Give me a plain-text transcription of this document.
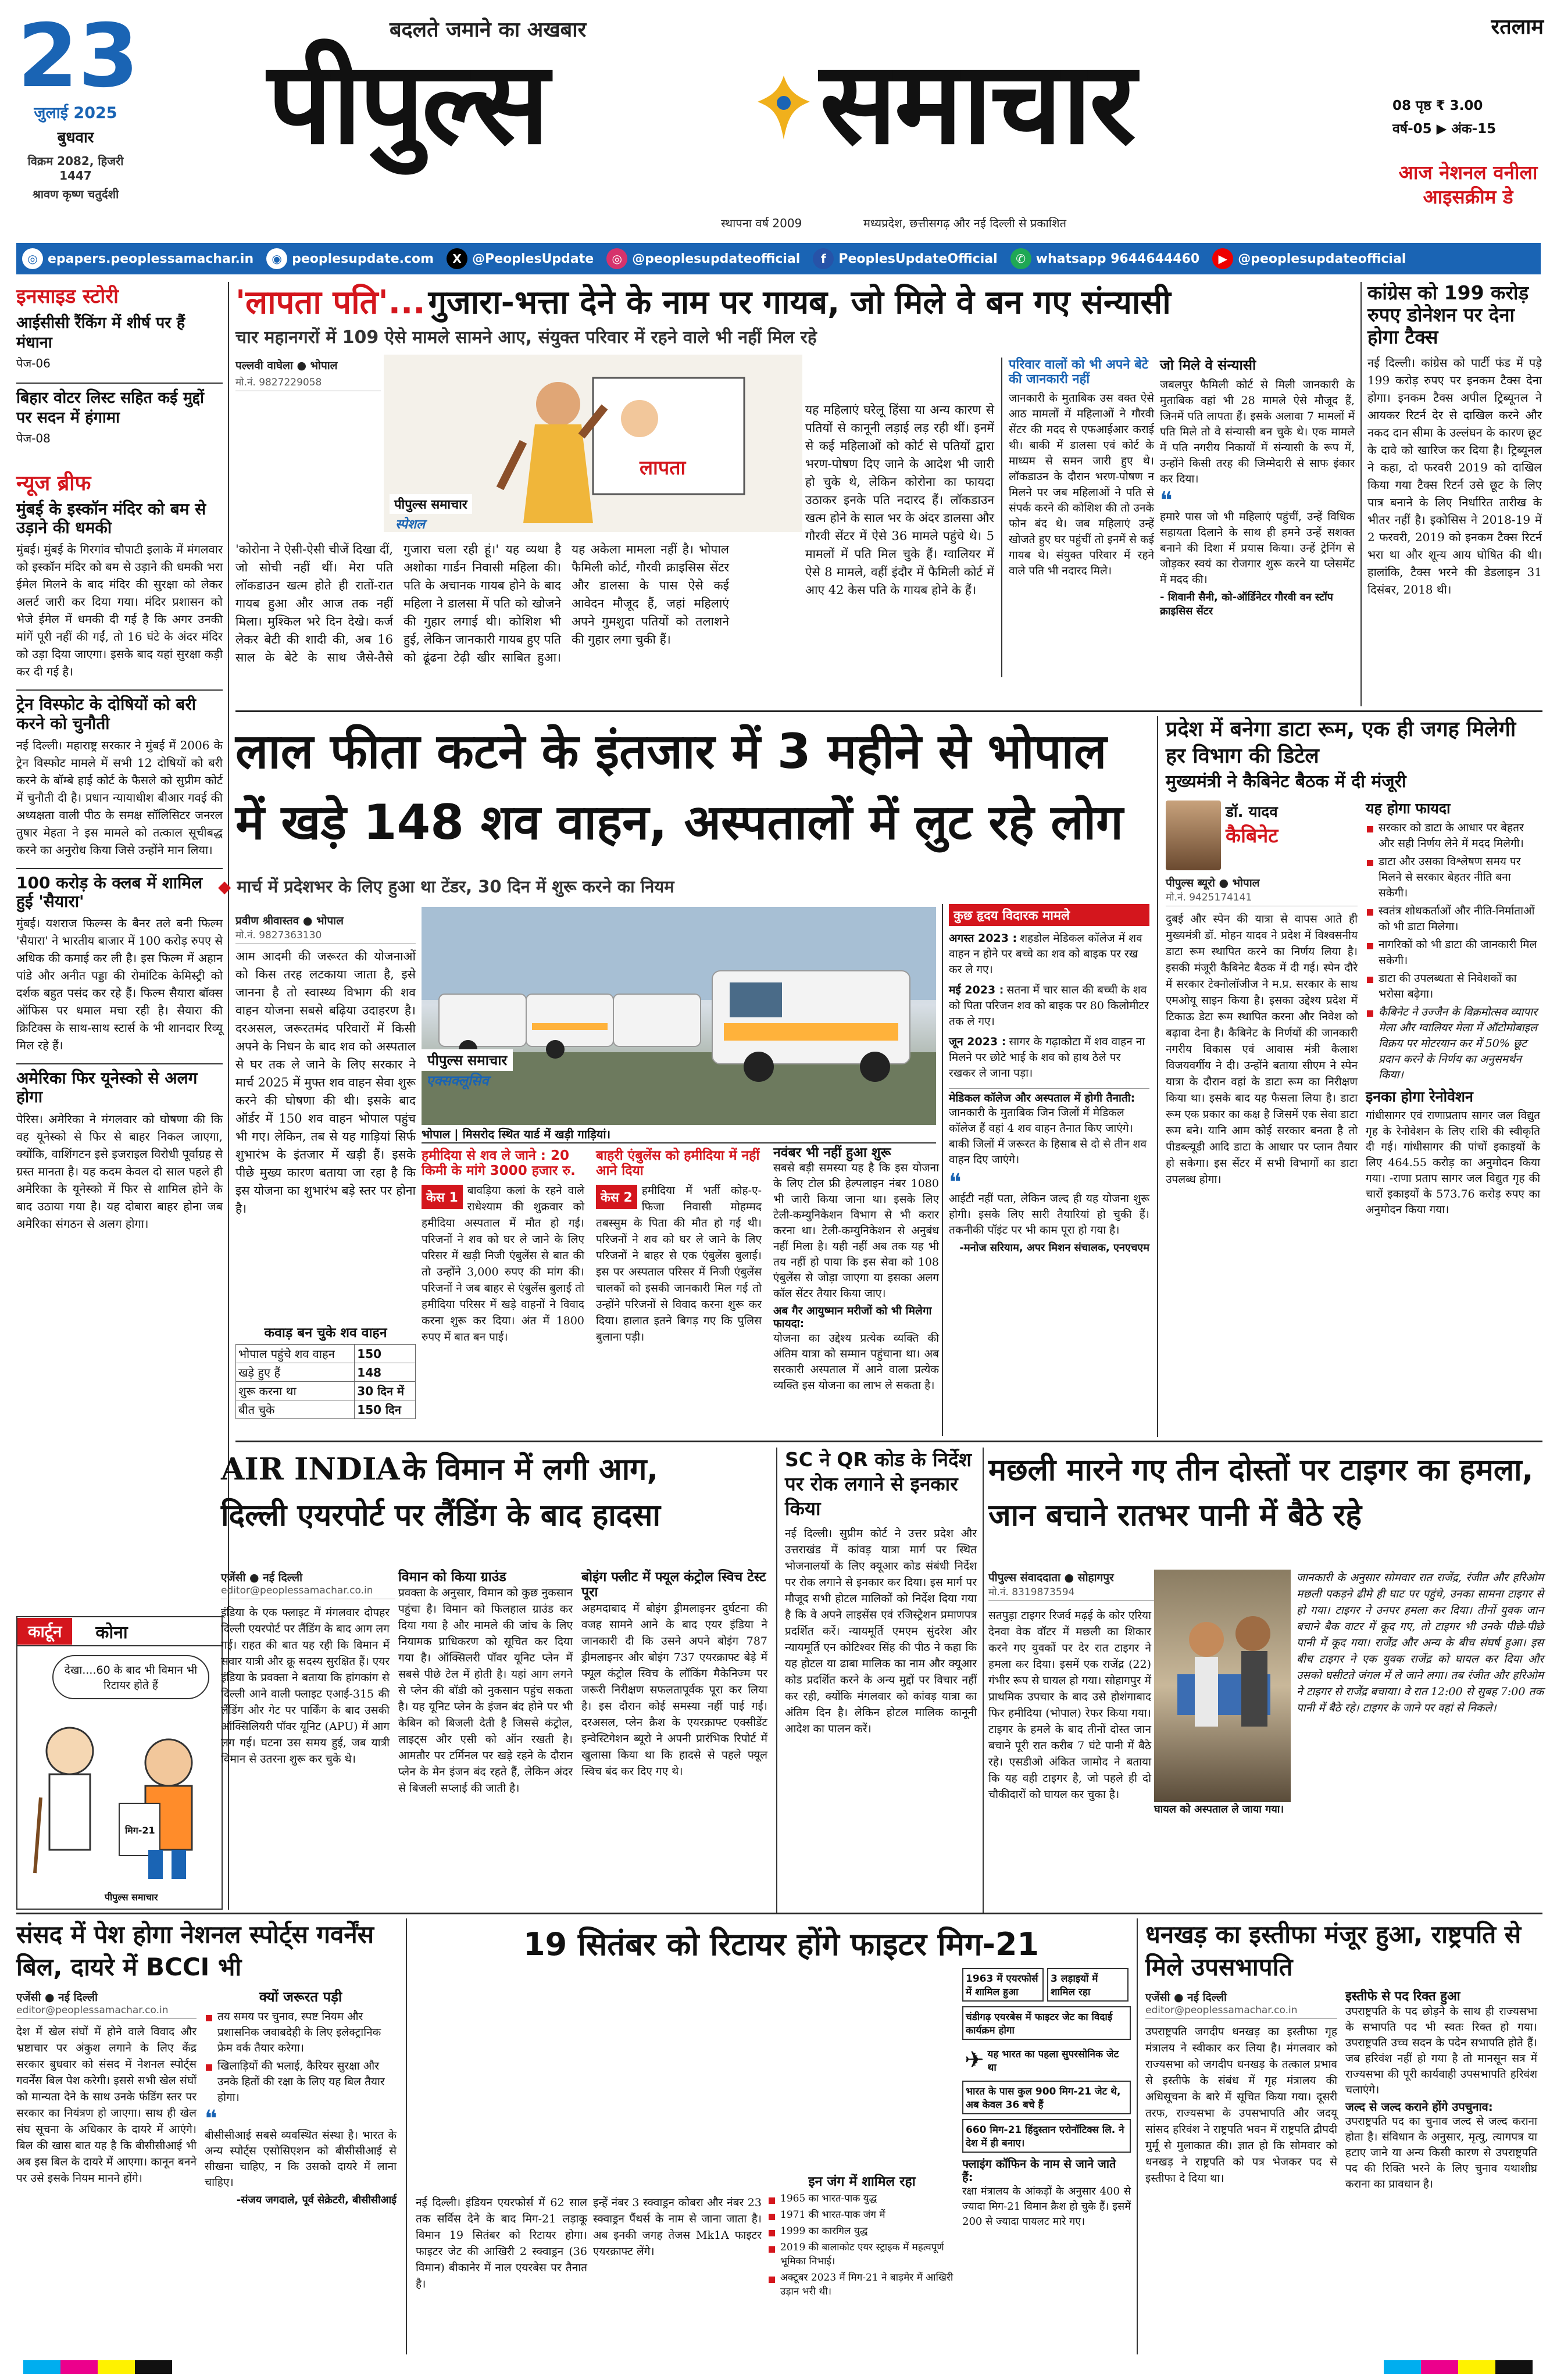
23
जुलाई 2025
बुधवार
विक्रम 2082, हिजरी 1447
श्रावण कृष्ण चतुर्दशी
बदलते जमाने का अखबार
पीपुल्स समाचार
स्थापना वर्ष 2009	मध्यप्रदेश, छत्तीसगढ़ और नई दिल्ली से प्रकाशित
रतलाम
08 पृष्ठ ₹ 3.00
वर्ष-05 ▶ अंक-15
आज नेशनल वनीला आइसक्रीम डे
◎ epapers.peoplessamachar.in	◉ peoplesupdate.com	X @PeoplesUpdate	◎ @peoplesupdateofficial	f PeoplesUpdateOfficial	✆ whatsapp 9644644460	▶ @peoplesupdateofficial
इनसाइड स्टोरी
आईसीसी रैंकिंग में शीर्ष पर हैं मंधाना
पेज-06
बिहार वोटर लिस्ट सहित कई मुद्दों पर सदन में हंगामा
पेज-08
न्यूज ब्रीफ
मुंबई के इस्कॉन मंदिर को बम से उड़ाने की धमकी
मुंबई। मुंबई के गिरगांव चौपाटी इलाके में मंगलवार को इस्कॉन मंदिर को बम से उड़ाने की धमकी भरा ईमेल मिलने के बाद मंदिर की सुरक्षा को लेकर अलर्ट जारी कर दिया गया। मंदिर प्रशासन को भेजे ईमेल में धमकी दी गई है कि अगर उनकी मांगें पूरी नहीं की गईं, तो 16 घंटे के अंदर मंदिर को उड़ा दिया जाएगा। इसके बाद यहां सुरक्षा कड़ी कर दी गई है।
ट्रेन विस्फोट के दोषियों को बरी करने को चुनौती
नई दिल्ली। महाराष्ट्र सरकार ने मुंबई में 2006 के ट्रेन विस्फोट मामले में सभी 12 दोषियों को बरी करने के बॉम्बे हाई कोर्ट के फैसले को सुप्रीम कोर्ट में चुनौती दी है। प्रधान न्यायाधीश बीआर गवई की अध्यक्षता वाली पीठ के समक्ष सॉलिसिटर जनरल तुषार मेहता ने इस मामले को तत्काल सूचीबद्ध करने का अनुरोध किया जिसे उन्होंने मान लिया।
100 करोड़ के क्लब में शामिल हुई 'सैयारा'
मुंबई। यशराज फिल्म्स के बैनर तले बनी फिल्म 'सैयारा' ने भारतीय बाजार में 100 करोड़ रुपए से अधिक की कमाई कर ली है। इस फिल्म में अहान पांडे और अनीत पड्डा की रोमांटिक केमिस्ट्री को दर्शक बहुत पसंद कर रहे हैं। फिल्म सैयारा बॉक्स ऑफिस पर धमाल मचा रही है। सैयारा की क्रिटिक्स के साथ-साथ स्टार्स के भी शानदार रिव्यू मिल रहे हैं।
अमेरिका फिर यूनेस्को से अलग होगा
पेरिस। अमेरिका ने मंगलवार को घोषणा की कि वह यूनेस्को से फिर से बाहर निकल जाएगा, क्योंकि, वाशिंगटन इसे इजराइल विरोधी पूर्वाग्रह से ग्रस्त मानता है। यह कदम केवल दो साल पहले ही अमेरिका के यूनेस्को में फिर से शामिल होने के बाद उठाया गया है। यह दोबारा बाहर होना जब अमेरिका संगठन से अलग होगा।
कार्टून	कोना
देखा....60 के बाद भी विमान भी रिटायर होते हैं
मिग-21
पीपुल्स समाचार
'लापता पति'... गुजारा-भत्ता देने के नाम पर गायब, जो मिले वे बन गए संन्यासी
चार महानगरों में 109 ऐसे मामले सामने आए, संयुक्त परिवार में रहने वाले भी नहीं मिल रहे
पल्लवी वाघेला ● भोपाल
मो.नं. 9827229058
लापता
पीपुल्स समाचार
स्पेशल
'कोरोना ने ऐसी-ऐसी चीजें दिखा दीं, जो सोची नहीं थीं। मेरा पति लॉकडाउन खत्म होते ही रातों-रात गायब हुआ और आज तक नहीं मिला। मुश्किल भरे दिन देखे। कर्ज लेकर बेटी की शादी की, अब 16 साल के बेटे के साथ जैसे-तैसे गुजारा चला रही हूं।' यह व्यथा है अशोका गार्डन निवासी महिला की। पति के अचानक गायब होने के बाद महिला ने डालसा में पति को खोजने की गुहार लगाई थी। कोशिश भी हुई, लेकिन जानकारी गायब हुए पति को ढूंढना टेढ़ी खीर साबित हुआ। यह अकेला मामला नहीं है। भोपाल फैमिली कोर्ट, गौरवी क्राइसिस सेंटर और डालसा के पास ऐसे कई आवेदन मौजूद हैं, जहां महिलाएं अपने गुमशुदा पतियों को तलाशने की गुहार लगा चुकी हैं।
यह महिलाएं घरेलू हिंसा या अन्य कारण से पतियों से कानूनी लड़ाई लड़ रही थीं। इनमें से कई महिलाओं को कोर्ट से पतियों द्वारा भरण-पोषण दिए जाने के आदेश भी जारी हो चुके थे, लेकिन कोरोना का फायदा उठाकर इनके पति नदारद हैं। लॉकडाउन खत्म होने के साल भर के अंदर डालसा और गौरवी सेंटर में ऐसे 36 मामले पहुंचे थे। 5 मामलों में पति मिल चुके हैं। ग्वालियर में ऐसे 8 मामले, वहीं इंदौर में फैमिली कोर्ट में आए 42 केस पति के गायब होने के हैं।
परिवार वालों को भी अपने बेटे की जानकारी नहीं
जानकारी के मुताबिक उस वक्त ऐसे आठ मामलों में महिलाओं ने गौरवी सेंटर की मदद से एफआईआर कराई थी। बाकी में डालसा एवं कोर्ट के माध्यम से समन जारी हुए थे। लॉकडाउन के दौरान भरण-पोषण न मिलने पर जब महिलाओं ने पति से संपर्क करने की कोशिश की तो उनके फोन बंद थे। जब महिलाएं उन्हें खोजते हुए घर पहुंचीं तो इनमें से कई गायब थे। संयुक्त परिवार में रहने वाले पति भी नदारद मिले।
जो मिले वे संन्यासी
जबलपुर फैमिली कोर्ट से मिली जानकारी के मुताबिक वहां भी 28 मामले ऐसे मौजूद हैं, जिनमें पति लापता हैं। इसके अलावा 7 मामलों में पति मिले तो वे संन्यासी बन चुके थे। एक मामले में पति नगरीय निकायों में संन्यासी के रूप में, उन्होंने किसी तरह की जिम्मेदारी से साफ इंकार कर दिया।
❝
हमारे पास जो भी महिलाएं पहुंचीं, उन्हें विधिक सहायता दिलाने के साथ ही हमने उन्हें सशक्त बनाने की दिशा में प्रयास किया। उन्हें ट्रेनिंग से जोड़कर स्वयं का रोजगार शुरू करने या प्लेसमेंट में मदद की।
- शिवानी सैनी, को-ऑर्डिनेटर गौरवी वन स्टॉप क्राइसिस सेंटर
कांग्रेस को 199 करोड़ रुपए डोनेशन पर देना होगा टैक्स
नई दिल्ली। कांग्रेस को पार्टी फंड में पड़े 199 करोड़ रुपए पर इनकम टैक्स देना होगा। इनकम टैक्स अपील ट्रिब्यूनल ने आयकर रिटर्न देर से दाखिल करने और नकद दान सीमा के उल्लंघन के कारण छूट के दावे को खारिज कर दिया है। ट्रिब्यूनल ने कहा, दो फरवरी 2019 को दाखिल किया गया टैक्स रिटर्न उसे छूट के लिए पात्र बनाने के लिए निर्धारित तारीख के भीतर नहीं है। इकोसिस ने 2018-19 में 2 फरवरी, 2019 को इनकम टैक्स रिटर्न भरा था और शून्य आय घोषित की थी। हालांकि, टैक्स भरने की डेडलाइन 31 दिसंबर, 2018 थी।
लाल फीता कटने के इंतजार में 3 महीने से भोपाल
में खड़े 148 शव वाहन, अस्पतालों में लुट रहे लोग
◆ मार्च में प्रदेशभर के लिए हुआ था टेंडर, 30 दिन में शुरू करने का नियम
प्रवीण श्रीवास्तव ● भोपाल
मो.नं. 9827363130
आम आदमी की जरूरत की योजनाओं को किस तरह लटकाया जाता है, इसे जानना है तो स्वास्थ्य विभाग की शव वाहन योजना सबसे बढ़िया उदाहरण है। दरअसल, जरूरतमंद परिवारों में किसी अपने के निधन के बाद शव को अस्पताल से घर तक ले जाने के लिए सरकार ने मार्च 2025 में मुफ्त शव वाहन सेवा शुरू करने की घोषणा की थी। इसके बाद ऑर्डर में 150 शव वाहन भोपाल पहुंच भी गए। लेकिन, तब से यह गाड़ियां सिर्फ शुभारंभ के इंतजार में खड़ी हैं। इसके पीछे मुख्य कारण बताया जा रहा है कि इस योजना का शुभारंभ बड़े स्तर पर होना है।
पीपुल्स समाचार
एक्सक्लूसिव
भोपाल | मिसरोद स्थित यार्ड में खड़ी गाड़ियां।
कवाड़ बन चुके शव वाहन
भोपाल पहुंचे शव वाहन	150
खड़े हुए हैं	148
शुरू करना था	30 दिन में
बीत चुके	150 दिन
हमीदिया से शव ले जाने : 20 किमी के मांगे 3000 हजार रु.
केस 1 बावड़िया कलां के रहने वाले राधेश्याम की शुक्रवार को हमीदिया अस्पताल में मौत हो गई। परिजनों ने शव को घर ले जाने के लिए परिसर में खड़ी निजी एंबुलेंस से बात की तो उन्होंने 3,000 रुपए की मांग की। परिजनों ने जब बाहर से एंबुलेंस बुलाई तो हमीदिया परिसर में खड़े वाहनों ने विवाद करना शुरू कर दिया। अंत में 1800 रुपए में बात बन पाई।
बाहरी एंबुलेंस को हमीदिया में नहीं आने दिया
केस 2 हमीदिया में भर्ती कोह-ए-फिजा निवासी मोहम्मद तबस्सुम के पिता की मौत हो गई थी। परिजनों ने शव को घर ले जाने के लिए परिजनों ने बाहर से एक एंबुलेंस बुलाई। इस पर अस्पताल परिसर में निजी एंबुलेंस चालकों को इसकी जानकारी मिल गई तो उन्होंने परिजनों से विवाद करना शुरू कर दिया। हालात इतने बिगड़ गए कि पुलिस बुलाना पड़ी।
नवंबर भी नहीं हुआ शुरू
सबसे बड़ी समस्या यह है कि इस योजना के लिए टोल फ्री हेल्पलाइन नंबर 1080 भी जारी किया जाना था। इसके लिए टेली-कम्युनिकेशन विभाग से भी करार करना था। टेली-कम्युनिकेशन से अनुबंध नहीं मिला है। यही नहीं अब तक यह भी तय नहीं हो पाया कि इस सेवा को 108 एंबुलेंस से जोड़ा जाएगा या इसका अलग कॉल सेंटर तैयार किया जाए।
अब गैर आयुष्मान मरीजों को भी मिलेगा फायदा:
योजना का उद्देश्य प्रत्येक व्यक्ति की अंतिम यात्रा को सम्मान पहुंचाना था। अब सरकारी अस्पताल में आने वाला प्रत्येक व्यक्ति इस योजना का लाभ ले सकता है।
कुछ हृदय विदारक मामले
अगस्त 2023 : शहडोल मेडिकल कॉलेज में शव वाहन न होने पर बच्चे का शव को बाइक पर रख कर ले गए।
मई 2023 : सतना में चार साल की बच्ची के शव को पिता परिजन शव को बाइक पर 80 किलोमीटर तक ले गए।
जून 2023 : सागर के गढ़ाकोटा में शव वाहन ना मिलने पर छोटे भाई के शव को हाथ ठेले पर रखकर ले जाना पड़ा।
मेडिकल कॉलेज और अस्पताल में होगी तैनाती: जानकारी के मुताबिक जिन जिलों में मेडिकल कॉलेज हैं वहां 4 शव वाहन तैनात किए जाएंगे। बाकी जिलों में जरूरत के हिसाब से दो से तीन शव वाहन दिए जाएंगे।
❝
आईटी नहीं पता, लेकिन जल्द ही यह योजना शुरू होगी। इसके लिए सारी तैयारियां हो चुकी हैं। तकनीकी पॉइंट पर भी काम पूरा हो गया है।
-मनोज सरियाम, अपर मिशन संचालक, एनएचएम
प्रदेश में बनेगा डाटा रूम, एक ही जगह मिलेगी हर विभाग की डिटेल
मुख्यमंत्री ने कैबिनेट बैठक में दी मंजूरी
डॉ. यादव
कैबिनेट
पीपुल्स ब्यूरो ● भोपाल
मो.नं. 9425174141
दुबई और स्पेन की यात्रा से वापस आते ही मुख्यमंत्री डॉ. मोहन यादव ने प्रदेश में विश्वसनीय डाटा रूम स्थापित करने का निर्णय लिया है। इसकी मंजूरी कैबिनेट बैठक में दी गई। स्पेन दौरे में सरकार टेक्नोलॉजीज ने म.प्र. सरकार के साथ एमओयू साइन किया है। इसका उद्देश्य प्रदेश में टिकाऊ डेटा रूम स्थापित करना और निवेश को बढ़ावा देना है। कैबिनेट के निर्णयों की जानकारी नगरीय विकास एवं आवास मंत्री कैलाश विजयवर्गीय ने दी। उन्होंने बताया सीएम ने स्पेन यात्रा के दौरान वहां के डाटा रूम का निरीक्षण किया था। इसके बाद यह फैसला लिया है। डाटा रूम एक प्रकार का कक्ष है जिसमें एक सेवा डाटा रूम बने। यानि आम कोई सरकार बनता है तो पीडब्ल्यूडी आदि डाटा के आधार पर प्लान तैयार हो सकेगा। इस सेंटर में सभी विभागों का डाटा उपलब्ध होगा।
यह होगा फायदा
सरकार को डाटा के आधार पर बेहतर और सही निर्णय लेने में मदद मिलेगी।
डाटा और उसका विश्लेषण समय पर मिलने से सरकार बेहतर नीति बना सकेगी।
स्वतंत्र शोधकर्ताओं और नीति-निर्माताओं को भी डाटा मिलेगा।
नागरिकों को भी डाटा की जानकारी मिल सकेगी।
डाटा की उपलब्धता से निवेशकों का भरोसा बढ़ेगा।
कैबिनेट ने उज्जैन के विक्रमोत्सव व्यापार मेला और ग्वालियर मेला में ऑटोमोबाइल विक्रय पर मोटरयान कर में 50% छूट प्रदान करने के निर्णय का अनुसमर्थन किया।
इनका होगा रेनोवेशन
गांधीसागर एवं राणाप्रताप सागर जल विद्युत गृह के रेनोवेशन के लिए राशि की स्वीकृति दी गई। गांधीसागर की पांचों इकाइयों के लिए 464.55 करोड़ का अनुमोदन किया गया। -राणा प्रताप सागर जल विद्युत गृह की चारों इकाइयों के 573.76 करोड़ रुपए का अनुमोदन किया गया।
AIR INDIA के विमान में लगी आग,
दिल्ली एयरपोर्ट पर लैंडिंग के बाद हादसा
एजेंसी ● नई दिल्ली
editor@peoplessamachar.co.in
इंडिया के एक फ्लाइट में मंगलवार दोपहर दिल्ली एयरपोर्ट पर लैंडिंग के बाद आग लग गई। राहत की बात यह रही कि विमान में सवार यात्री और क्रू सदस्य सुरक्षित हैं। एयर इंडिया के प्रवक्ता ने बताया कि हांगकांग से दिल्ली आने वाली फ्लाइट एआई-315 की लैंडिंग और गेट पर पार्किंग के बाद उसकी ऑक्सिलियरी पॉवर यूनिट (APU) में आग लग गई। घटना उस समय हुई, जब यात्री विमान से उतरना शुरू कर चुके थे।
विमान को किया ग्राउंड
प्रवक्ता के अनुसार, विमान को कुछ नुकसान पहुंचा है। विमान को फिलहाल ग्राउंड कर दिया गया है और मामले की जांच के लिए नियामक प्राधिकरण को सूचित कर दिया गया है। ऑक्सिलरी पॉवर यूनिट प्लेन में सबसे पीछे टेल में होती है। यहां आग लगने से प्लेन की बॉडी को नुकसान पहुंच सकता है। यह यूनिट प्लेन के इंजन बंद होने पर भी केबिन को बिजली देती है जिससे कंट्रोल, लाइट्स और एसी को ऑन रखती है। आमतौर पर टर्मिनल पर खड़े रहने के दौरान प्लेन के मेन इंजन बंद रहते हैं, लेकिन अंदर से बिजली सप्लाई की जाती है।
बोइंग फ्लीट में फ्यूल कंट्रोल स्विच टेस्ट पूरा
अहमदाबाद में बोइंग ड्रीमलाइनर दुर्घटना की वजह सामने आने के बाद एयर इंडिया ने जानकारी दी कि उसने अपने बोइंग 787 ड्रीमलाइनर और बोइंग 737 एयरक्राफ्ट बेड़े में फ्यूल कंट्रोल स्विच के लॉकिंग मैकेनिज्म पर जरूरी निरीक्षण सफलतापूर्वक पूरा कर लिया है। इस दौरान कोई समस्या नहीं पाई गई। दरअसल, प्लेन क्रैश के एयरक्राफ्ट एक्सीडेंट इन्वेस्टिगेशन ब्यूरो ने अपनी प्रारंभिक रिपोर्ट में खुलासा किया था कि हादसे से पहले फ्यूल स्विच बंद कर दिए गए थे।
SC ने QR कोड के निर्देश पर रोक लगाने से इनकार किया
नई दिल्ली। सुप्रीम कोर्ट ने उत्तर प्रदेश और उत्तराखंड में कांवड़ यात्रा मार्ग पर स्थित भोजनालयों के लिए क्यूआर कोड संबंधी निर्देश पर रोक लगाने से इनकार कर दिया। इस मार्ग पर मौजूद सभी होटल मालिकों को निर्देश दिया गया है कि वे अपने लाइसेंस एवं रजिस्ट्रेशन प्रमाणपत्र प्रदर्शित करें। न्यायमूर्ति एमएम सुंदरेश और न्यायमूर्ति एन कोटिश्वर सिंह की पीठ ने कहा कि यह होटल या ढाबा मालिक का नाम और क्यूआर कोड प्रदर्शित करने के अन्य मुद्दों पर विचार नहीं कर रही, क्योंकि मंगलवार को कांवड़ यात्रा का अंतिम दिन है। लेकिन होटल मालिक कानूनी आदेश का पालन करें।
मछली मारने गए तीन दोस्तों पर टाइगर का हमला, जान बचाने रातभर पानी में बैठे रहे
पीपुल्स संवाददाता ● सोहागपुर
मो.नं. 8319873594
सतपुड़ा टाइगर रिजर्व मढ़ई के कोर एरिया देनवा वेक वॉटर में मछली का शिकार करने गए युवकों पर देर रात टाइगर ने हमला कर दिया। इसमें एक राजेंद्र (22) गंभीर रूप से घायल हो गया। सोहागपुर में प्राथमिक उपचार के बाद उसे होशंगाबाद फिर हमीदिया (भोपाल) रेफर किया गया। टाइगर के हमले के बाद तीनों दोस्त जान बचाने पूरी रात करीब 7 घंटे पानी में बैठे रहे। एसडीओ अंकित जामोद ने बताया कि यह वही टाइगर है, जो पहले ही दो चौकीदारों को घायल कर चुका है।
घायल को अस्पताल ले जाया गया।
जानकारी के अनुसार सोमवार रात राजेंद्र, रंजीत और हरिओम मछली पकड़ने ढीमे ही घाट पर पहुंचे, उनका सामना टाइगर से हो गया। टाइगर ने उनपर हमला कर दिया। तीनों युवक जान बचाने बैक वाटर में कूद गए, तो टाइगर भी उनके पीछे-पीछे पानी में कूद गया। राजेंद्र और अन्य के बीच संघर्ष हुआ। इस बीच टाइगर ने एक युवक राजेंद्र को घायल कर दिया और उसको घसीटते जंगल में ले जाने लगा। तब रंजीत और हरिओम ने टाइगर से राजेंद्र बचाया। वे रात 12:00 से सुबह 7:00 तक पानी में बैठे रहे। टाइगर के जाने पर वहां से निकले।
संसद में पेश होगा नेशनल स्पोर्ट्स गवर्नेंस बिल, दायरे में BCCI भी
एजेंसी ● नई दिल्ली
editor@peoplessamachar.co.in
देश में खेल संघों में होने वाले विवाद और भ्रष्टाचार पर अंकुश लगाने के लिए केंद्र सरकार बुधवार को संसद में नेशनल स्पोर्ट्स गवर्नेंस बिल पेश करेगी। इससे सभी खेल संघों को मान्यता देने के साथ उनके फंडिंग स्तर पर सरकार का नियंत्रण हो जाएगा। साथ ही खेल संघ सूचना के अधिकार के दायरे में आएंगे। बिल की खास बात यह है कि बीसीसीआई भी अब इस बिल के दायरे में आएगा। कानून बनने पर उसे इसके नियम मानने होंगे।
क्यों जरूरत पड़ी
तय समय पर चुनाव, स्पष्ट नियम और प्रशासनिक जवाबदेही के लिए इलेक्ट्रानिक फ्रेम वर्क तैयार करेगा।
खिलाड़ियों की भलाई, कैरियर सुरक्षा और उनके हितों की रक्षा के लिए यह बिल तैयार होगा।
❝
बीसीसीआई सबसे व्यवस्थित संस्था है। भारत के अन्य स्पोर्ट्स एसोसिएशन को बीसीसीआई से सीखना चाहिए, न कि उसको दायरे में लाना चाहिए।
-संजय जगदाले, पूर्व सेक्रेटरी, बीसीसीआई
19 सितंबर को रिटायर होंगे फाइटर मिग-21
CU2796	1963 में एयरफोर्स में शामिल हुआ
3 लड़ाइयों में शामिल रहा
चंडीगढ़ एयरबेस में फाइटर जेट का विदाई कार्यक्रम होगा
✈ यह भारत का पहला सुपरसोनिक जेट था
भारत के पास कुल 900 मिग-21 जेट थे, अब केवल 36 बचे हैं
660 मिग-21 हिंदुस्तान एरोनॉटिक्स लि. ने देश में ही बनाए।
फ्लाइंग कॉफिन के नाम से जाने जाते हैं:
रक्षा मंत्रालय के आंकड़ों के अनुसार 400 से ज्यादा मिग-21 विमान क्रैश हो चुके हैं। इसमें 200 से ज्यादा पायलट मारे गए।
नई दिल्ली। इंडियन एयरफोर्स में 62 साल तक सर्विस देने के बाद मिग-21 लड़ाकू विमान 19 सितंबर को रिटायर होगा। फाइटर जेट की आखिरी 2 स्क्वाड्रन (36 विमान) बीकानेर में नाल एयरबेस पर तैनात है।
इन्हें नंबर 3 स्क्वाड्रन कोबरा और नंबर 23 स्क्वाड्रन पैंथर्स के नाम से जाना जाता है। अब इनकी जगह तेजस Mk1A फाइटर एयरक्राफ्ट लेंगे।
इन जंग में शामिल रहा
1965 का भारत-पाक युद्ध
1971 की भारत-पाक जंग में
1999 का कारगिल युद्ध
2019 की बालाकोट एयर स्ट्राइक में महत्वपूर्ण भूमिका निभाई।
अक्टूबर 2023 में मिग-21 ने बाड़मेर में आखिरी उड़ान भरी थी।
धनखड़ का इस्तीफा मंजूर हुआ, राष्ट्रपति से मिले उपसभापति
एजेंसी ● नई दिल्ली
editor@peoplessamachar.co.in
उपराष्ट्रपति जगदीप धनखड़ का इस्तीफा गृह मंत्रालय ने स्वीकार कर लिया है। मंगलवार को राज्यसभा को जगदीप धनखड़ के तत्काल प्रभाव से इस्तीफे के संबंध में गृह मंत्रालय की अधिसूचना के बारे में सूचित किया गया। दूसरी तरफ, राज्यसभा के उपसभापति और जदयू सांसद हरिवंश ने राष्ट्रपति भवन में राष्ट्रपति द्रौपदी मुर्मू से मुलाकात की। ज्ञात हो कि सोमवार को धनखड़ ने राष्ट्रपति को पत्र भेजकर पद से इस्तीफा दे दिया था।
इस्तीफे से पद रिक्त हुआ
उपराष्ट्रपति के पद छोड़ने के साथ ही राज्यसभा के सभापति पद भी स्वतः रिक्त हो गया। उपराष्ट्रपति उच्च सदन के पदेन सभापति होते हैं। जब हरिवंश नहीं हो गया है तो मानसून सत्र में राज्यसभा की पूरी कार्यवाही उपसभापति हरिवंश चलाएंगे।
जल्द से जल्द कराने होंगे उपचुनाव:
उपराष्ट्रपति पद का चुनाव जल्द से जल्द कराना होता है। संविधान के अनुसार, मृत्यु, त्यागपत्र या हटाए जाने या अन्य किसी कारण से उपराष्ट्रपति पद की रिक्ति भरने के लिए चुनाव यथाशीघ्र कराना का प्रावधान है।
